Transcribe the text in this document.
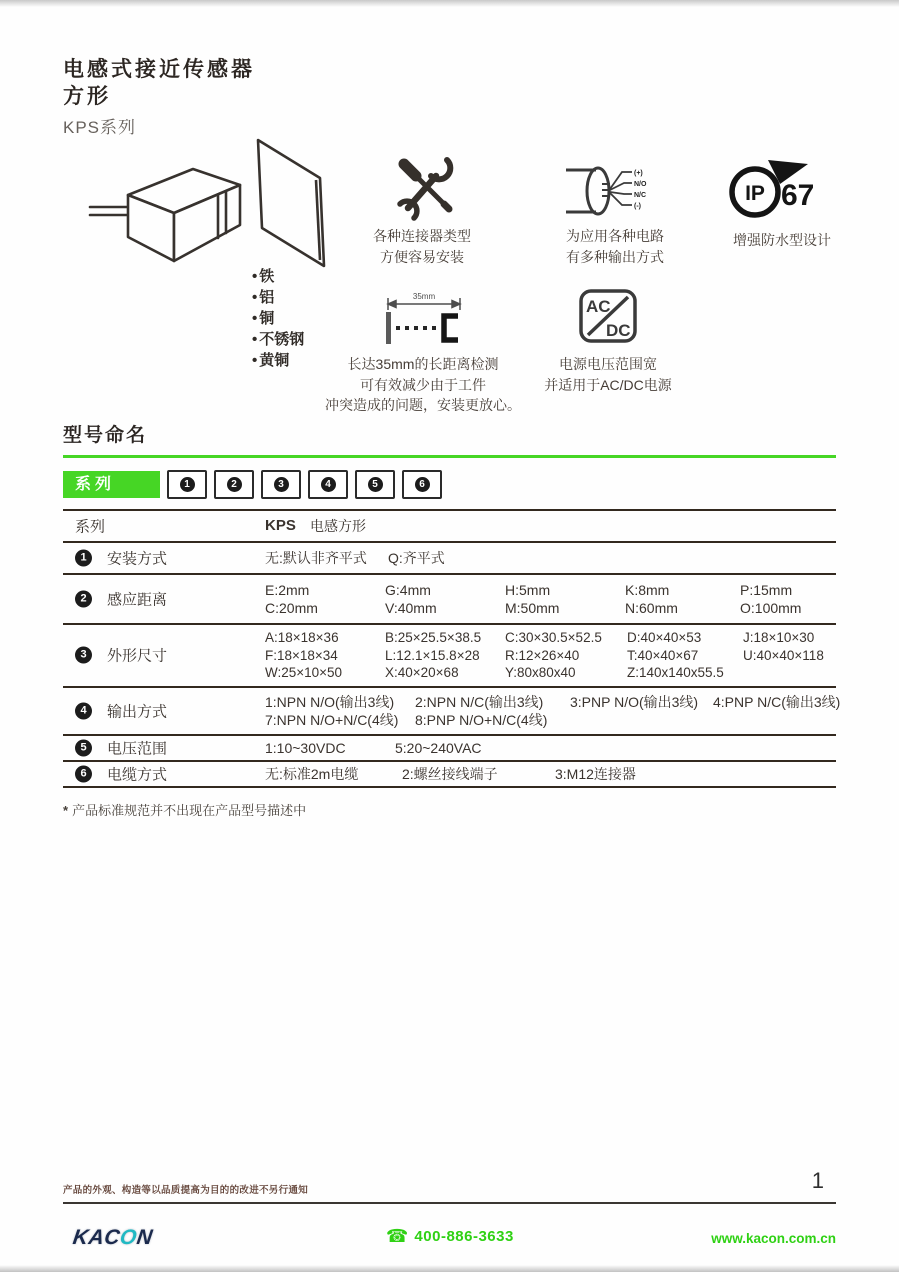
电感式接近传感器
方形
KPS系列
• 铁
• 铝
• 铜
• 不锈钢
• 黄铜
各种连接器类型
方便容易安装
(+)
N/O
N/C
(-)
为应用各种电路
有多种输出方式
IP 67
增强防水型设计
35mm
长达35mm的长距离检测
可有效减少由于工件
冲突造成的问题，安装更放心。
AC
DC
电源电压范围宽
并适用于AC/DC电源
型号命名
系列	1	2	3	4	5	6
系列	KPS 电感方形
1	安装方式	无:默认非齐平式 Q:齐平式
2	感应距离
E:2mm	G:4mm	H:5mm	K:8mm	P:15mm
C:20mm	V:40mm	M:50mm	N:60mm	O:100mm
3	外形尺寸
A:18×18×36	B:25×25.5×38.5 C:30×30.5×52.5 D:40×40×53	J:18×10×30
F:18×18×34	L:12.1×15.8×28 R:12×26×40	T:40×40×67	U:40×40×118
W:25×10×50	X:40×20×68	Y:80x80x40	Z:140x140x55.5
4	输出方式
1:NPN N/O(输出3线) 2:NPN N/C(输出3线) 3:PNP N/O(输出3线) 4:PNP N/C(输出3线)
7:NPN N/O+N/C(4线) 8:PNP N/O+N/C(4线)
5	电压范围	1:10~30VDC	5:20~240VAC
6	电缆方式	无:标准2m电缆	2:螺丝接线端子	3:M12连接器
* 产品标准规范并不出现在产品型号描述中
产品的外观、构造等以品质提高为目的的改进不另行通知	1
KACON	☎ 400-886-3633	www.kacon.com.cn
